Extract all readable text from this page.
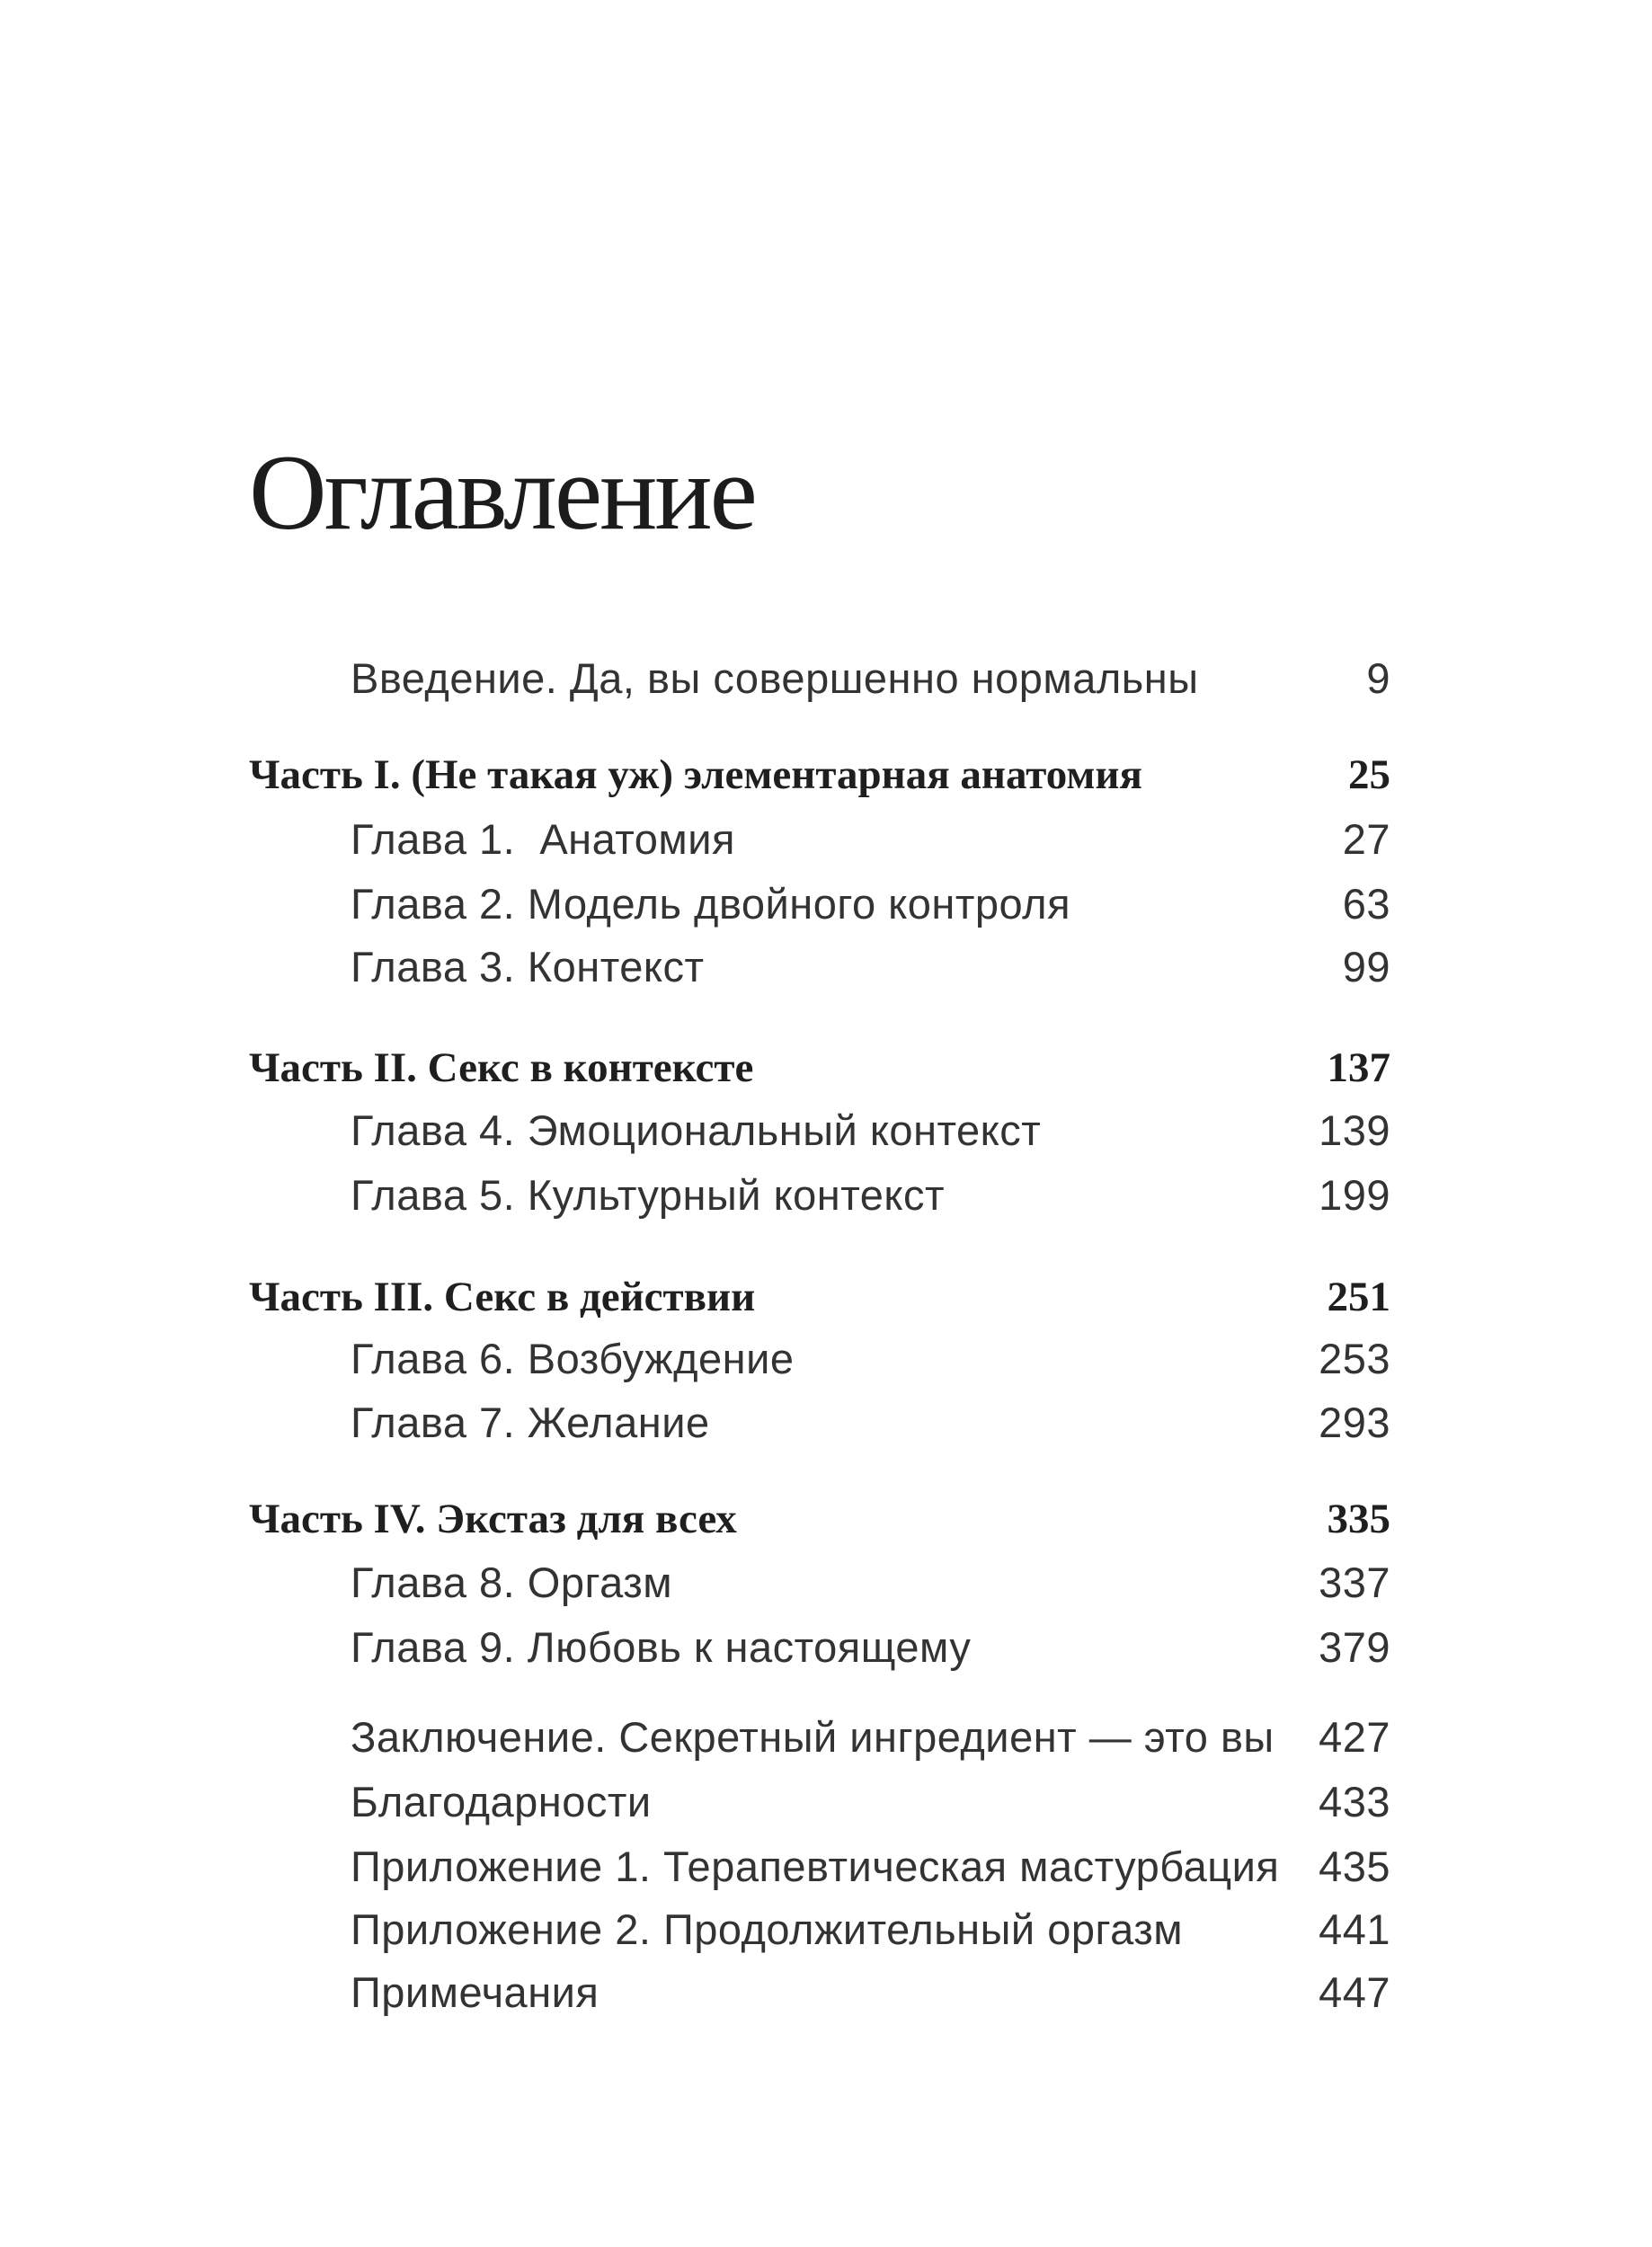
Оглавление
Введение. Да, вы совершенно нормальны	9
Часть I. (Не такая уж) элементарная анатомия	25
Глава 1.  Анатомия	27
Глава 2. Модель двойного контроля	63
Глава 3. Контекст	99
Часть II. Секс в контексте	137
Глава 4. Эмоциональный контекст	139
Глава 5. Культурный контекст	199
Часть III. Секс в действии	251
Глава 6. Возбуждение	253
Глава 7. Желание	293
Часть IV. Экстаз для всех	335
Глава 8. Оргазм	337
Глава 9. Любовь к настоящему	379
Заключение. Секретный ингредиент — это вы	427
Благодарности	433
Приложение 1. Терапевтическая мастурбация 435
Приложение 2. Продолжительный оргазм	441
Примечания	447
